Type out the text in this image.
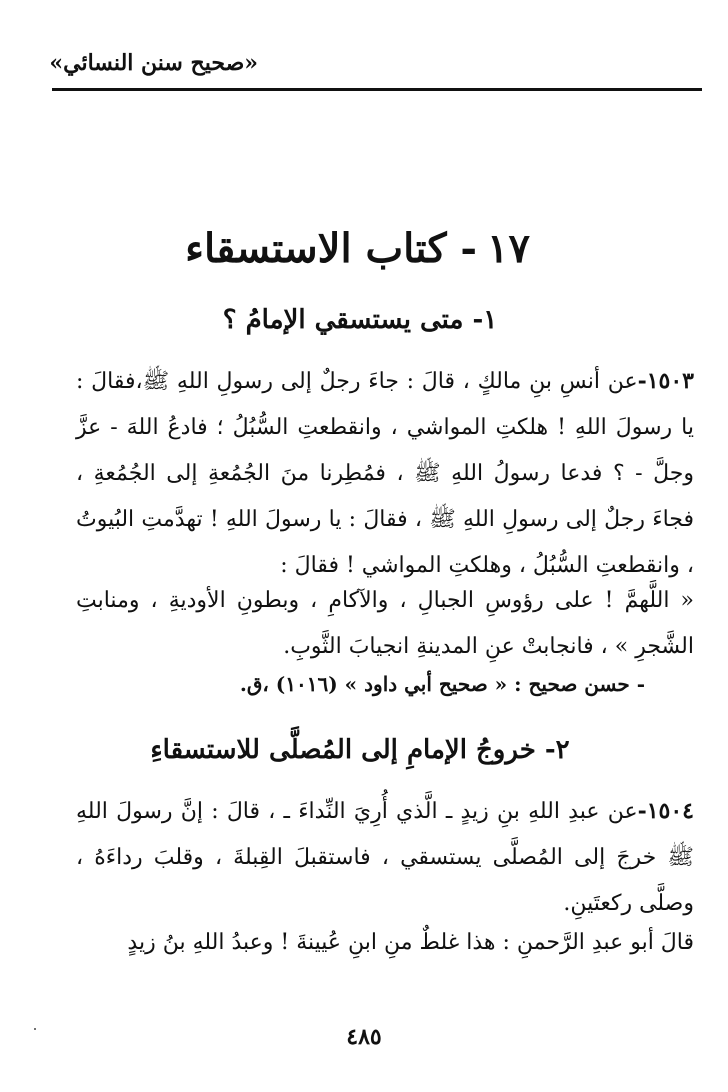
«صحيح سنن النسائي»
١٧- كتاب الاستسقاء
١- متى يستسقي الإمامُ ؟
١٥٠٣-عن أنسِ بنِ مالكٍ ، قالَ : جاءَ رجلٌ إلى رسولِ اللهِ ﷺ،فقالَ : يا رسولَ اللهِ ! هلكتِ المواشي ، وانقطعتِ السُّبُلُ ؛ فادعُ اللهَ - عزَّ وجلَّ - ؟ فدعا رسولُ اللهِ ﷺ ، فمُطِرنا منَ الجُمُعةِ إلى الجُمُعةِ ، فجاءَ رجلٌ إلى رسولِ اللهِ ﷺ ، فقالَ : يا رسولَ اللهِ ! تهدَّمتِ البُيوتُ ، وانقطعتِ السُّبُلُ ، وهلكتِ المواشي ! فقالَ :
« اللَّهمَّ ! على رؤوسِ الجبالِ ، والآكامِ ، وبطونِ الأوديةِ ، ومنابتِ الشَّجرِ » ، فانجابتْ عنِ المدينةِ انجيابَ الثَّوبِ.
- حسن صحيح : « صحيح أبي داود » (١٠١٦) ،ق.
٢- خروجُ الإمامِ إلى المُصلَّى للاستسقاءِ
١٥٠٤-عن عبدِ اللهِ بنِ زيدٍ ـ الَّذي أُرِيَ النِّداءَ ـ ، قالَ : إنَّ رسولَ اللهِ ﷺ خرجَ إلى المُصلَّى يستسقي ، فاستقبلَ القِبلةَ ، وقلبَ رداءَهُ ، وصلَّى ركعتَينِ.
قالَ أبو عبدِ الرَّحمنِ : هذا غلطٌ منِ ابنِ عُيينةَ ! وعبدُ اللهِ بنُ زيدٍ
٤٨٥
